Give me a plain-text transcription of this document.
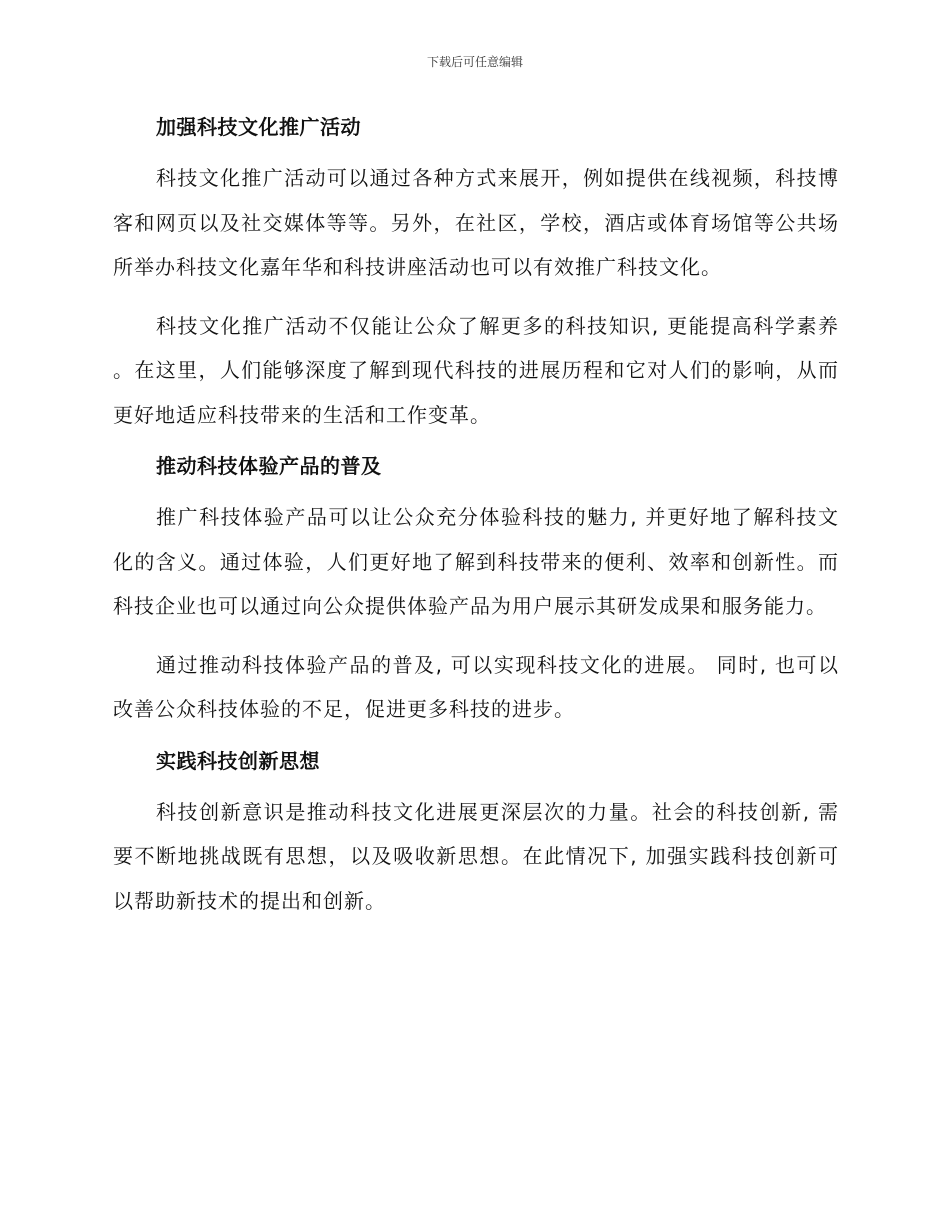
下载后可任意编辑
加强科技文化推广活动

科技文化推广活动可以通过各种方式来展开，例如提供在线视频，科技博客和网页以及社交媒体等等。另外，在社区，学校，酒店或体育场馆等公共场所举办科技文化嘉年华和科技讲座活动也可以有效推广科技文化。

科技文化推广活动不仅能让公众了解更多的科技知识, 更能提高科学素养 。在这里，人们能够深度了解到现代科技的进展历程和它对人们的影响，从而更好地适应科技带来的生活和工作变革。

推动科技体验产品的普及

推广科技体验产品可以让公众充分体验科技的魅力, 并更好地了解科技文化的含义。通过体验，人们更好地了解到科技带来的便利、效率和创新性。而科技企业也可以通过向公众提供体验产品为用户展示其研发成果和服务能力。

通过推动科技体验产品的普及, 可以实现科技文化的进展。 同时, 也可以改善公众科技体验的不足，促进更多科技的进步。

实践科技创新思想

科技创新意识是推动科技文化进展更深层次的力量。社会的科技创新, 需要不断地挑战既有思想，以及吸收新思想。在此情况下, 加强实践科技创新可以帮助新技术的提出和创新。
